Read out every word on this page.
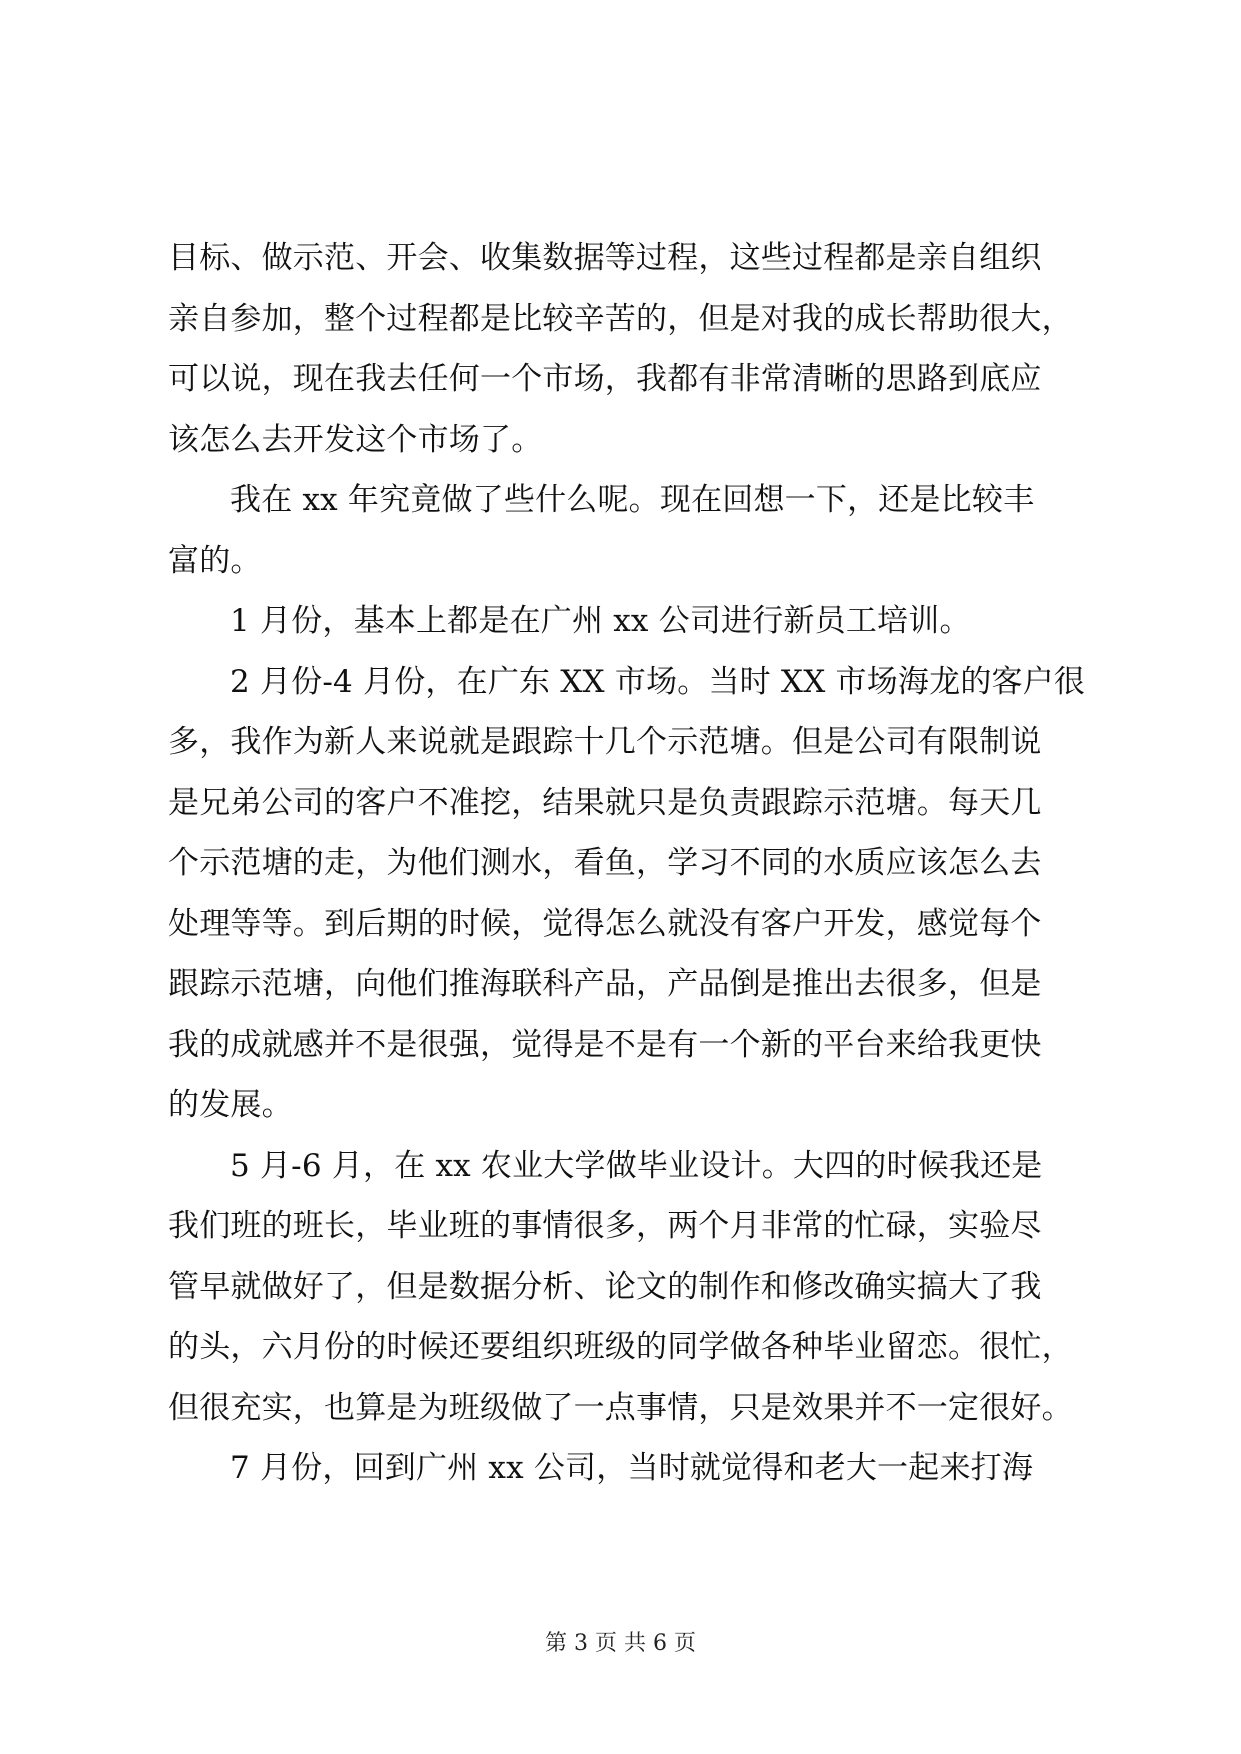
目标、做示范、开会、收集数据等过程，这些过程都是亲自组织
亲自参加，整个过程都是比较辛苦的，但是对我的成长帮助很大，
可以说，现在我去任何一个市场，我都有非常清晰的思路到底应
该怎么去开发这个市场了。
我在 xx 年究竟做了些什么呢。现在回想一下，还是比较丰
富的。
1 月份，基本上都是在广州 xx 公司进行新员工培训。
2 月份-4 月份，在广东 XX 市场。当时 XX 市场海龙的客户很
多，我作为新人来说就是跟踪十几个示范塘。但是公司有限制说
是兄弟公司的客户不准挖，结果就只是负责跟踪示范塘。每天几
个示范塘的走，为他们测水，看鱼，学习不同的水质应该怎么去
处理等等。到后期的时候，觉得怎么就没有客户开发，感觉每个
跟踪示范塘，向他们推海联科产品，产品倒是推出去很多，但是
我的成就感并不是很强，觉得是不是有一个新的平台来给我更快
的发展。
5 月-6 月，在 xx 农业大学做毕业设计。大四的时候我还是
我们班的班长，毕业班的事情很多，两个月非常的忙碌，实验尽
管早就做好了，但是数据分析、论文的制作和修改确实搞大了我
的头，六月份的时候还要组织班级的同学做各种毕业留恋。很忙，
但很充实，也算是为班级做了一点事情，只是效果并不一定很好。
7 月份，回到广州 xx 公司，当时就觉得和老大一起来打海
第 3 页 共 6 页
